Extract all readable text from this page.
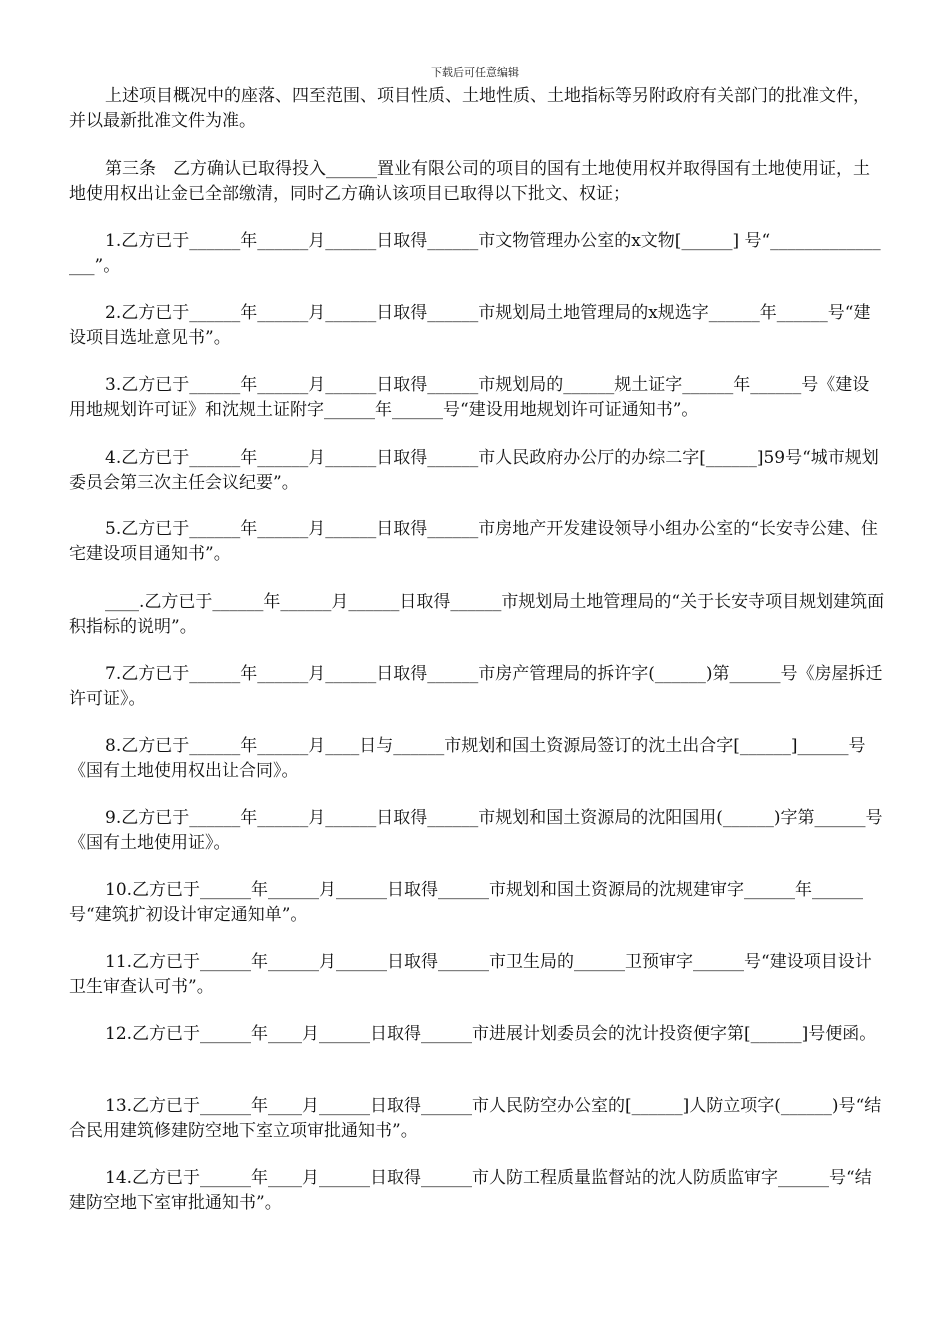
下载后可任意编辑

上述项目概况中的座落、四至范围、项目性质、土地性质、土地指标等另附政府有关部门的批准文件，并以最新批准文件为准。

第三条　乙方确认已取得投入______置业有限公司的项目的国有土地使用权并取得国有土地使用证，土地使用权出让金已全部缴清，同时乙方确认该项目已取得以下批文、权证；

1.乙方已于______年______月______日取得______市文物管理办公室的x文物[______] 号“________________”。

2.乙方已于______年______月______日取得______市规划局土地管理局的x规选字______年______号“建设项目选址意见书”。

3.乙方已于______年______月______日取得______市规划局的______规土证字______年______号《建设用地规划许可证》和沈规土证附字______年______号“建设用地规划许可证通知书”。

4.乙方已于______年______月______日取得______市人民政府办公厅的办综二字[______]59号“城市规划委员会第三次主任会议纪要”。

5.乙方已于______年______月______日取得______市房地产开发建设领导小组办公室的“长安寺公建、住宅建设项目通知书”。

____.乙方已于______年______月______日取得______市规划局土地管理局的“关于长安寺项目规划建筑面积指标的说明”。

7.乙方已于______年______月______日取得______市房产管理局的拆许字(______)第______号《房屋拆迁许可证》。

8.乙方已于______年______月____日与______市规划和国土资源局签订的沈土出合字[______]______号《国有土地使用权出让合同》。

9.乙方已于______年______月______日取得______市规划和国土资源局的沈阳国用(______)字第______号《国有土地使用证》。

10.乙方已于______年______月______日取得______市规划和国土资源局的沈规建审字______年______号“建筑扩初设计审定通知单”。

11.乙方已于______年______月______日取得______市卫生局的______卫预审字______号“建设项目设计卫生审查认可书”。

12.乙方已于______年____月______日取得______市进展计划委员会的沈计投资便字第[______]号便函。

13.乙方已于______年____月______日取得______市人民防空办公室的[______]人防立项字(______)号“结合民用建筑修建防空地下室立项审批通知书”。

14.乙方已于______年____月______日取得______市人防工程质量监督站的沈人防质监审字______号“结建防空地下室审批通知书”。
